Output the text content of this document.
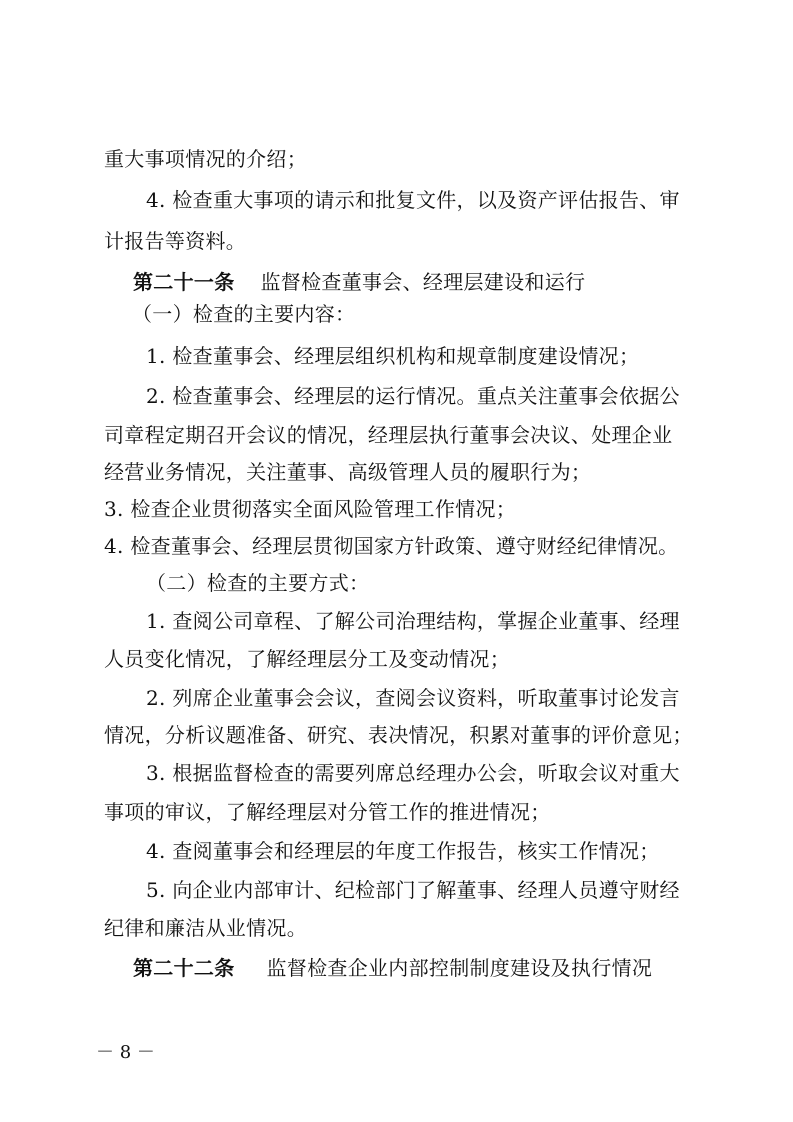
重大事项情况的介绍；
4. 检查重大事项的请示和批复文件，以及资产评估报告、审
计报告等资料。
第二十一条 监督检查董事会、经理层建设和运行
（一）检查的主要内容：
1. 检查董事会、经理层组织机构和规章制度建设情况；
2. 检查董事会、经理层的运行情况。重点关注董事会依据公
司章程定期召开会议的情况，经理层执行董事会决议、处理企业
经营业务情况，关注董事、高级管理人员的履职行为；
3. 检查企业贯彻落实全面风险管理工作情况；
4. 检查董事会、经理层贯彻国家方针政策、遵守财经纪律情况。
（二）检查的主要方式：
1. 查阅公司章程、了解公司治理结构，掌握企业董事、经理
人员变化情况，了解经理层分工及变动情况；
2. 列席企业董事会会议，查阅会议资料，听取董事讨论发言
情况，分析议题准备、研究、表决情况，积累对董事的评价意见；
3. 根据监督检查的需要列席总经理办公会，听取会议对重大
事项的审议，了解经理层对分管工作的推进情况；
4. 查阅董事会和经理层的年度工作报告，核实工作情况；
5. 向企业内部审计、纪检部门了解董事、经理人员遵守财经
纪律和廉洁从业情况。
第二十二条 监督检查企业内部控制制度建设及执行情况
－ 8 －
